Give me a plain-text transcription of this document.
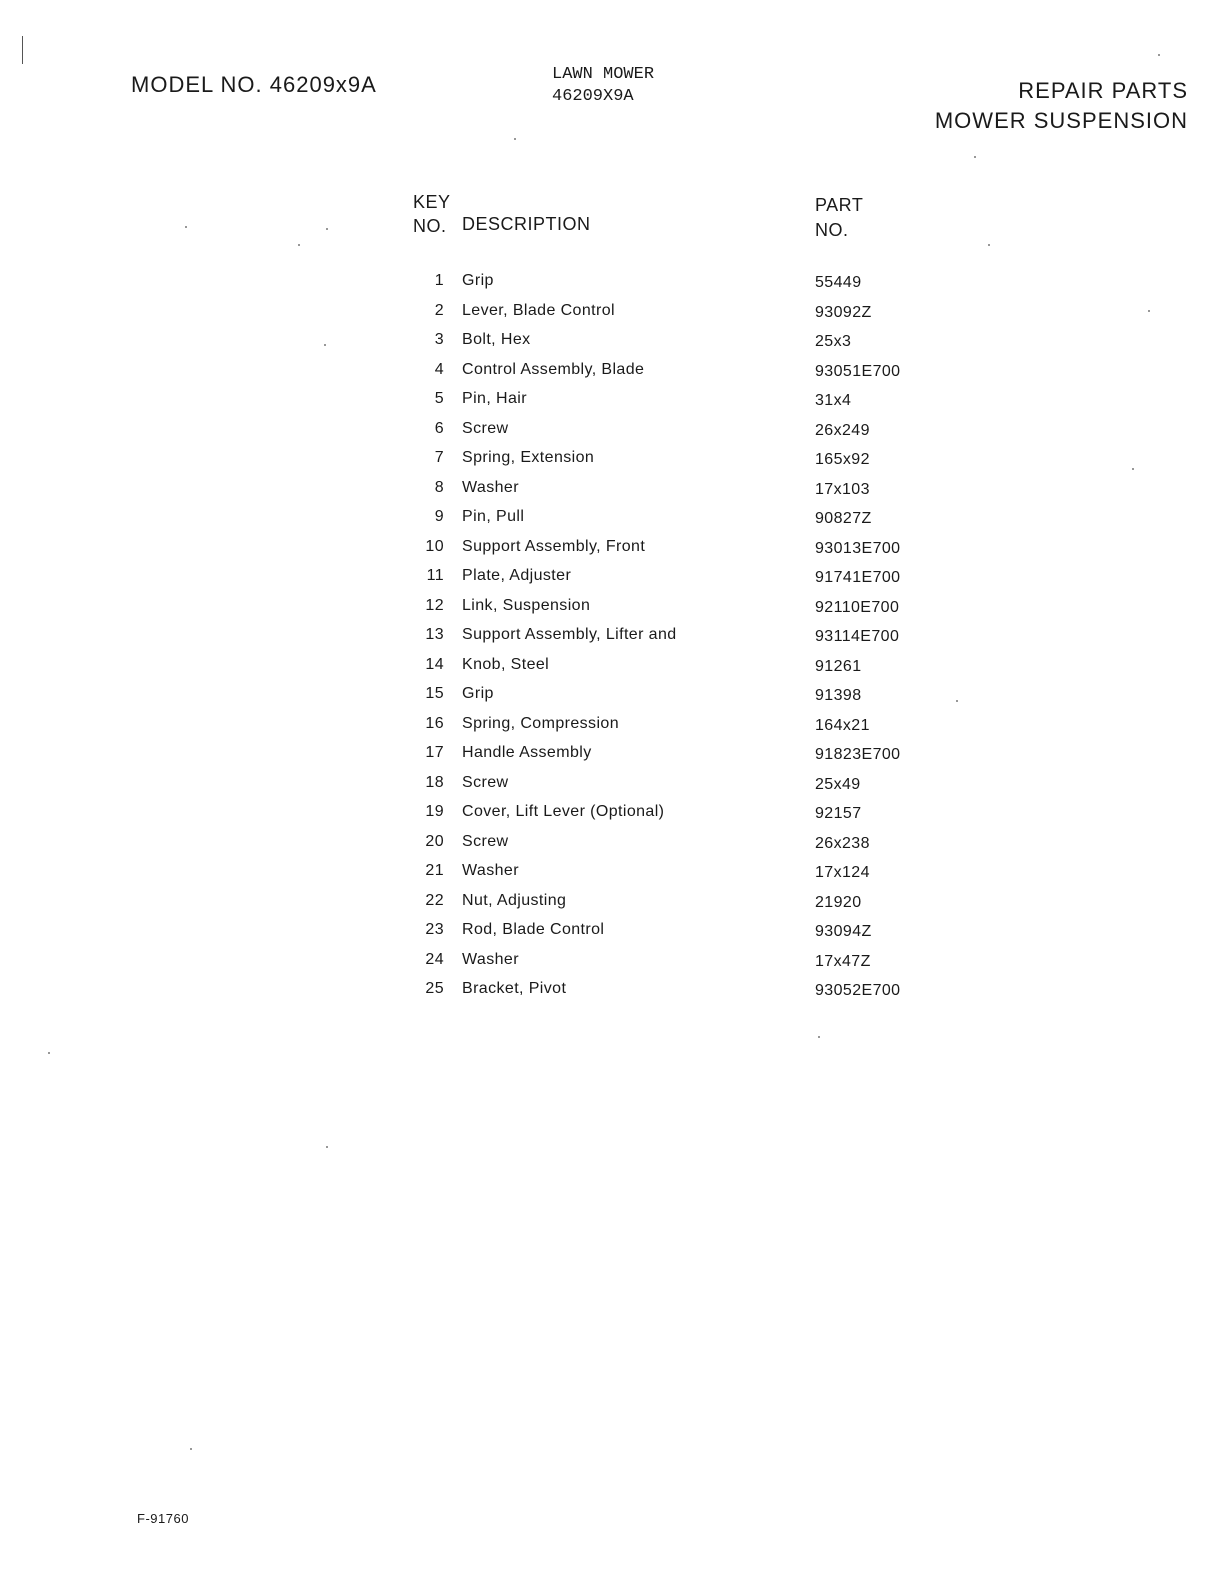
MODEL NO. 46209x9A	LAWN MOWER
46209X9A	REPAIR PARTS
MOWER SUSPENSION
KEY
NO. DESCRIPTION
PART
NO.
1 Grip	55449
2 Lever, Blade Control	93092Z
3 Bolt, Hex	25x3
4 Control Assembly, Blade	93051E700
5 Pin, Hair	31x4
6 Screw	26x249
7 Spring, Extension	165x92
8 Washer	17x103
9 Pin, Pull	90827Z
10 Support Assembly, Front	93013E700
11 Plate, Adjuster	91741E700
12 Link, Suspension	92110E700
13 Support Assembly, Lifter and	93114E700
14 Knob, Steel	91261
15 Grip	91398
16 Spring, Compression	164x21
17 Handle Assembly	91823E700
18 Screw	25x49
19 Cover, Lift Lever (Optional)	92157
20 Screw	26x238
21 Washer	17x124
22 Nut, Adjusting	21920
23 Rod, Blade Control	93094Z
24 Washer	17x47Z
25 Bracket, Pivot	93052E700
F-91760
